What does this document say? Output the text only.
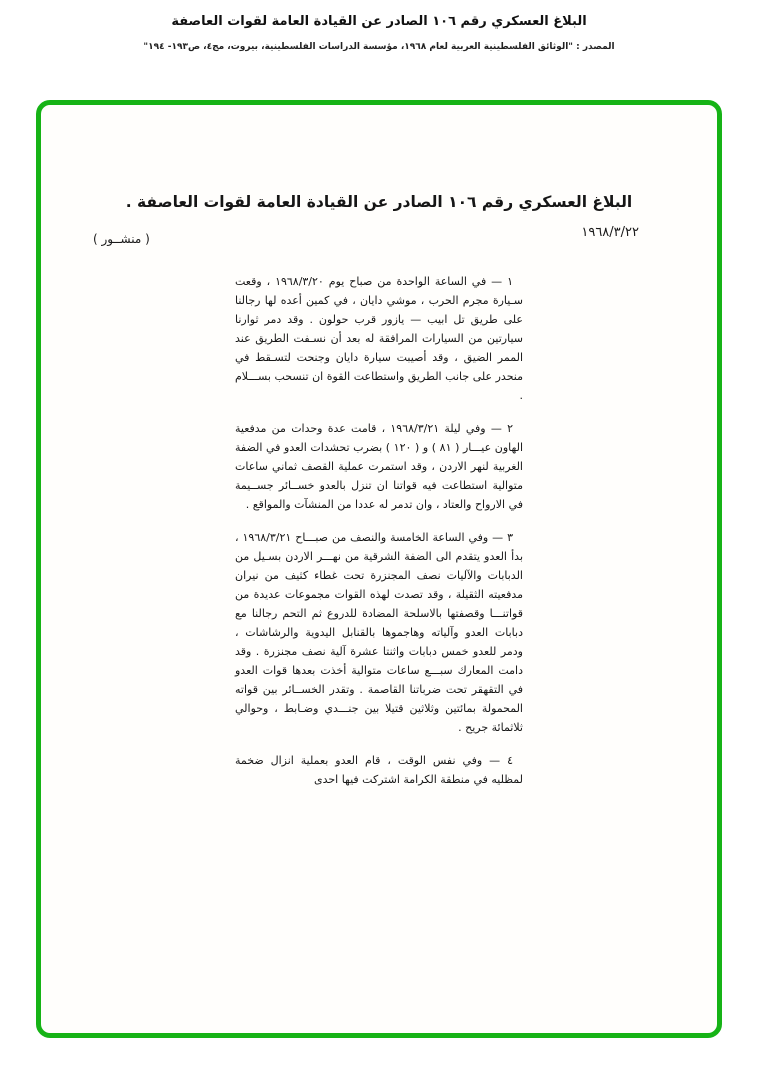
البلاغ العسكري رقم ١٠٦ الصادر عن القيادة العامة لقوات العاصفة
المصدر : "الوثائق الفلسطينية العربية لعام ١٩٦٨، مؤسسة الدراسات الفلسطينية، بيروت، مج٤، ص١٩٣- ١٩٤"
البلاغ العسكري رقم ١٠٦ الصادر عن القيادة العامة لقوات العاصفة .
١٩٦٨/٣/٢٢
( منشــور )

١ — في الساعة الواحدة من صباح يوم ١٩٦٨/٣/٢٠ ، وقعت سـيارة مجرم الحرب ، موشي دايان ، في كمين أعده لها رجالنا على طريق تل ابيب — يازور قرب حولون . وقد دمر ثوارنا سيارتين من السيارات المرافقة له بعد أن نسـفت الطريق عند الممر الضيق ، وقد أصيبت سيارة دايان وجنحت لتسـقط في منحدر على جانب الطريق واستطاعت القوة ان تنسحب بســـلام .

٢ — وفي ليلة ١٩٦٨/٣/٢١ ، قامت عدة وحدات من مدفعية الهاون عيـــار ( ٨١ ) و ( ١٢٠ ) بضرب تحشدات العدو في الضفة الغربية لنهر الاردن ، وقد استمرت عملية القصف ثماني ساعات متوالية استطاعت فيه قواتنا ان تنزل بالعدو خســائر جســيمة في الارواح والعتاد ، وان تدمر له عددا من المنشآت والمواقع .

٣ — وفي الساعة الخامسة والنصف من صبـــاح ١٩٦٨/٣/٢١ ، بدأ العدو يتقدم الى الضفة الشرقية من نهـــر الاردن بسـيل من الدبابات والآليات نصف المجنزرة تحت غطاء كثيف من نيران مدفعيته الثقيلة ، وقد تصدت لهذه القوات مجموعات عديدة من قواتنـــا وقصفتها بالاسلحة المضادة للدروع ثم التحم رجالنا مع دبابات العدو وآلياته وهاجموها بالقنابل اليدوية والرشاشات ، ودمر للعدو خمس دبابات واثنتا عشرة آلية نصف مجنزرة . وقد دامت المعارك سبـــع ساعات متوالية أخذت بعدها قوات العدو في التقهقر تحت ضرباتنا القاصمة . وتقدر الخســائر بين قواته المحمولة بمائتين وثلاثين قتيلا بين جنـــدي وضـابط ، وحوالي ثلاثمائة جريح .

٤ — وفي نفس الوقت ، قام العدو بعملية انزال ضخمة لمظليه في منطقة الكرامة اشتركت فيها احدى
